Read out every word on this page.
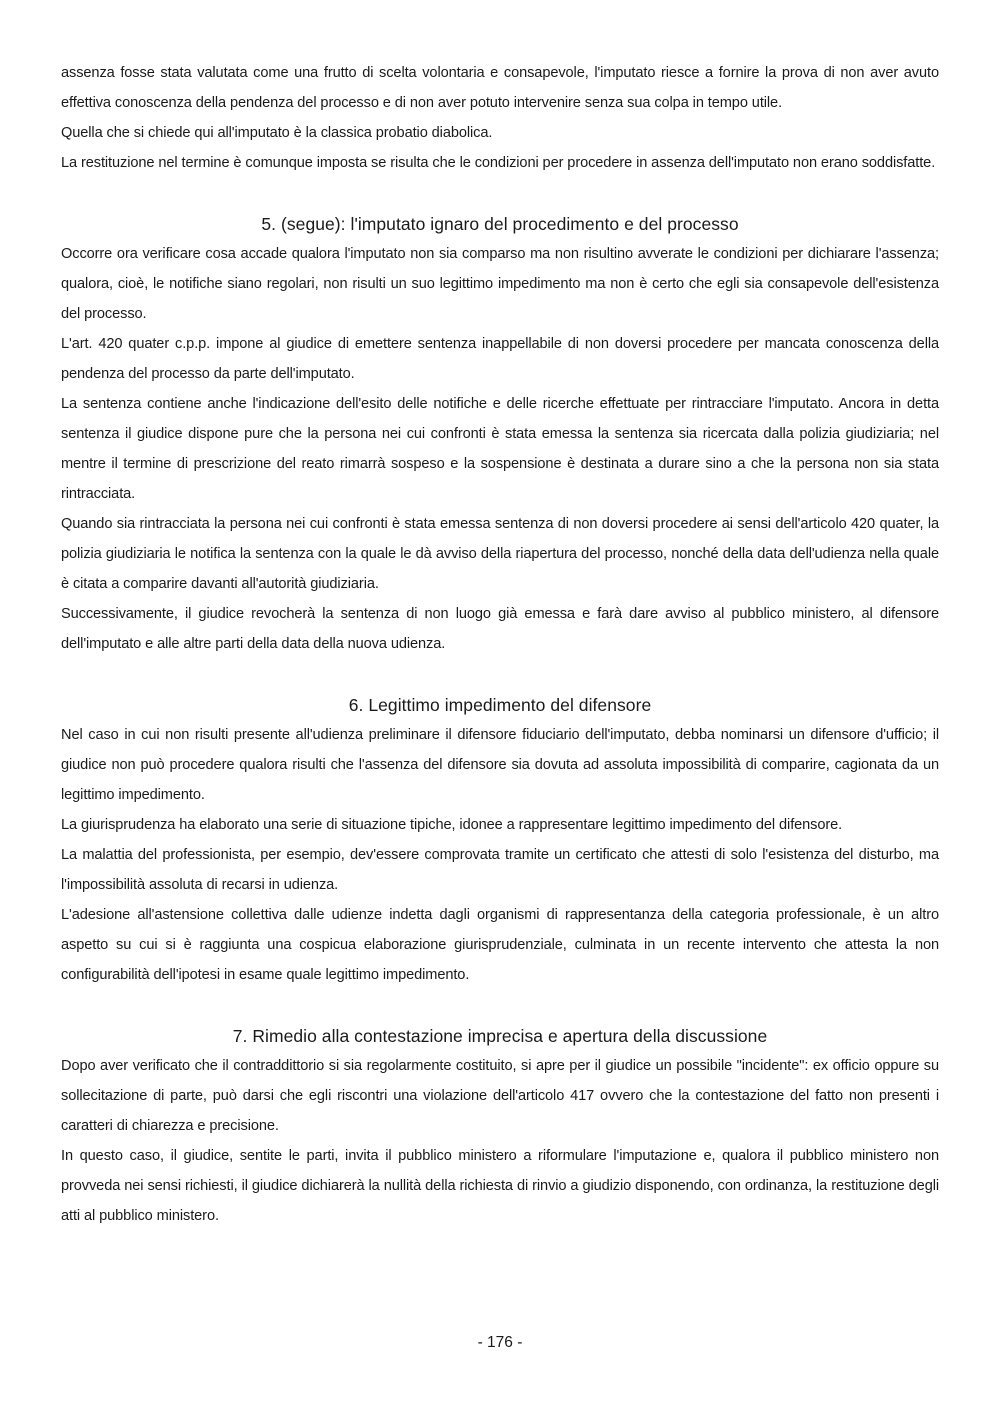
assenza fosse stata valutata come una frutto di scelta volontaria e consapevole, l'imputato riesce a fornire la prova di non aver avuto effettiva conoscenza della pendenza del processo e di non aver potuto intervenire senza sua colpa in tempo utile.

Quella che si chiede qui all'imputato è la classica probatio diabolica.

La restituzione nel termine è comunque imposta se risulta che le condizioni per procedere in assenza dell'imputato non erano soddisfatte.

5. (segue): l'imputato ignaro del procedimento e del processo

Occorre ora verificare cosa accade qualora l'imputato non sia comparso ma non risultino avverate le condizioni per dichiarare l'assenza; qualora, cioè, le notifiche siano regolari, non risulti un suo legittimo impedimento ma non è certo che egli sia consapevole dell'esistenza del processo.

L'art. 420 quater c.p.p. impone al giudice di emettere sentenza inappellabile di non doversi procedere per mancata conoscenza della pendenza del processo da parte dell'imputato.

La sentenza contiene anche l'indicazione dell'esito delle notifiche e delle ricerche effettuate per rintracciare l'imputato. Ancora in detta sentenza il giudice dispone pure che la persona nei cui confronti è stata emessa la sentenza sia ricercata dalla polizia giudiziaria; nel mentre il termine di prescrizione del reato rimarrà sospeso e la sospensione è destinata a durare sino a che la persona non sia stata rintracciata.

Quando sia rintracciata la persona nei cui confronti è stata emessa sentenza di non doversi procedere ai sensi dell'articolo 420 quater, la polizia giudiziaria le notifica la sentenza con la quale le dà avviso della riapertura del processo, nonché della data dell'udienza nella quale è citata a comparire davanti all'autorità giudiziaria.

Successivamente, il giudice revocherà la sentenza di non luogo già emessa e farà dare avviso al pubblico ministero, al difensore dell'imputato e alle altre parti della data della nuova udienza.

6. Legittimo impedimento del difensore

Nel caso in cui non risulti presente all'udienza preliminare il difensore fiduciario dell'imputato, debba nominarsi un difensore d'ufficio; il giudice non può procedere qualora risulti che l'assenza del difensore sia dovuta ad assoluta impossibilità di comparire, cagionata da un legittimo impedimento.

La giurisprudenza ha elaborato una serie di situazione tipiche, idonee a rappresentare legittimo impedimento del difensore.

La malattia del professionista, per esempio, dev'essere comprovata tramite un certificato che attesti di solo l'esistenza del disturbo, ma l'impossibilità assoluta di recarsi in udienza.

L'adesione all'astensione collettiva dalle udienze indetta dagli organismi di rappresentanza della categoria professionale, è un altro aspetto su cui si è raggiunta una cospicua elaborazione giurisprudenziale, culminata in un recente intervento che attesta la non configurabilità dell'ipotesi in esame quale legittimo impedimento.

7. Rimedio alla contestazione imprecisa e apertura della discussione

Dopo aver verificato che il contraddittorio si sia regolarmente costituito, si apre per il giudice un possibile "incidente": ex officio oppure su sollecitazione di parte, può darsi che egli riscontri una violazione dell'articolo 417 ovvero che la contestazione del fatto non presenti i caratteri di chiarezza e precisione.

In questo caso, il giudice, sentite le parti, invita il pubblico ministero a riformulare l'imputazione e, qualora il pubblico ministero non provveda nei sensi richiesti, il giudice dichiarerà la nullità della richiesta di rinvio a giudizio disponendo, con ordinanza, la restituzione degli atti al pubblico ministero.

- 176 -
